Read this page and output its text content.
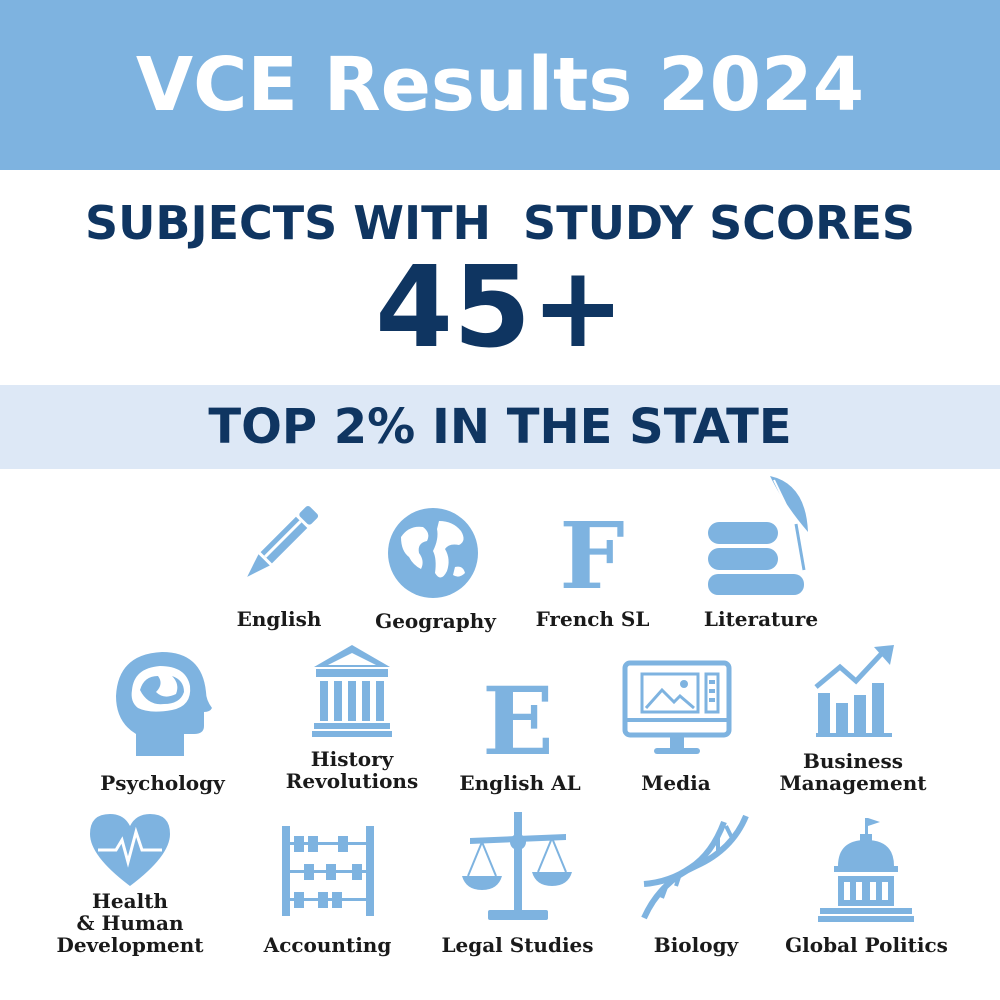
VCE Results 2024
SUBJECTS WITH  STUDY SCORES
45+
TOP 2% IN THE STATE
English	Geography
F
French SL	Literature
Psychology
History
Revolutions
E
English AL	Media
Business
Management
Health
& Human
Development	Accounting	Legal Studies	Biology	Global Politics
